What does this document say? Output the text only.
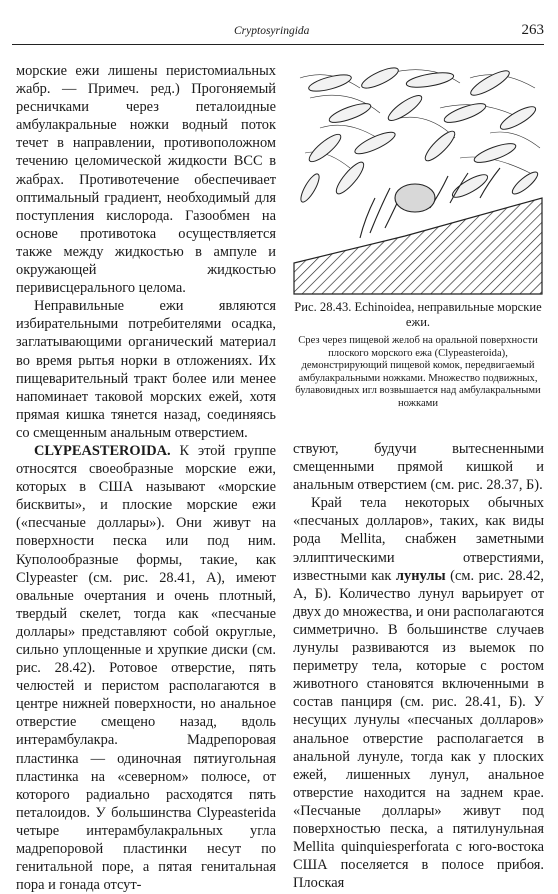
Cryptosyringida	263

морские ежи лишены перистомиальных жабр. — Примеч. ред.) Прогоняемый ресничками через петалоидные амбулакральные ножки водный поток течет в направлении, противоположном течению целомической жидкости ВСС в жабрах. Противотечение обеспечивает оптимальный градиент, необходимый для поступления кислорода. Газообмен на основе противотока осуществляется также между жидкостью в ампуле и окружающей жидкостью перивисцерального целома.

Неправильные ежи являются избирательными потребителями осадка, заглатывающими органический материал во время рытья норки в отложениях. Их пищеварительный тракт более или менее напоминает таковой морских ежей, хотя прямая кишка тянется назад, соединяясь со смещенным анальным отверстием.

CLYPEASTEROIDA. К этой группе относятся своеобразные морские ежи, которых в США называют «морские бисквиты», и плоские морские ежи («песчаные доллары»). Они живут на поверхности песка или под ним. Куполообразные формы, такие, как Clypeaster (см. рис. 28.41, А), имеют овальные очертания и очень плотный, твердый скелет, тогда как «песчаные доллары» представляют собой округлые, сильно уплощенные и хрупкие диски (см. рис. 28.42). Ротовое отверстие, пять челюстей и перистом располагаются в центре нижней поверхности, но анальное отверстие смещено назад, вдоль интерамбулакра. Мадрепоровая пластинка — одиночная пятиугольная пластинка на «северном» полюсе, от которого радиально расходятся пять петалоидов. У большинства Clypeasterida четыре интерамбулакральных угла мадрепоровой пластинки несут по генитальной поре, а пятая генитальная пора и гонада отсут-

Рис. 28.43. Echinoidea, неправильные морские ежи.
Срез через пищевой желоб на оральной поверхности плоского морского ежа (Clypeasteroida), демонстрирующий пищевой комок, передвигаемый амбулакральными ножками. Множество подвижных, булавовидных игл возвышается над амбулакральными ножками

ствуют, будучи вытесненными смещенными прямой кишкой и анальным отверстием (см. рис. 28.37, Б).

Край тела некоторых обычных «песчаных долларов», таких, как виды рода Mellita, снабжен заметными эллиптическими отверстиями, известными как лунулы (см. рис. 28.42, А, Б). Количество лунул варьирует от двух до множества, и они располагаются симметрично. В большинстве случаев лунулы развиваются из выемок по периметру тела, которые с ростом животного становятся включенными в состав панциря (см. рис. 28.41, Б). У несущих лунулы «песчаных долларов» анальное отверстие располагается в анальной лунуле, тогда как у плоских ежей, лишенных лунул, анальное отверстие находится на заднем крае. «Песчаные доллары» живут под поверхностью песка, а пятилунульная Mellita quinquiesperforata с юго-востока США поселяется в полосе прибоя. Плоская
